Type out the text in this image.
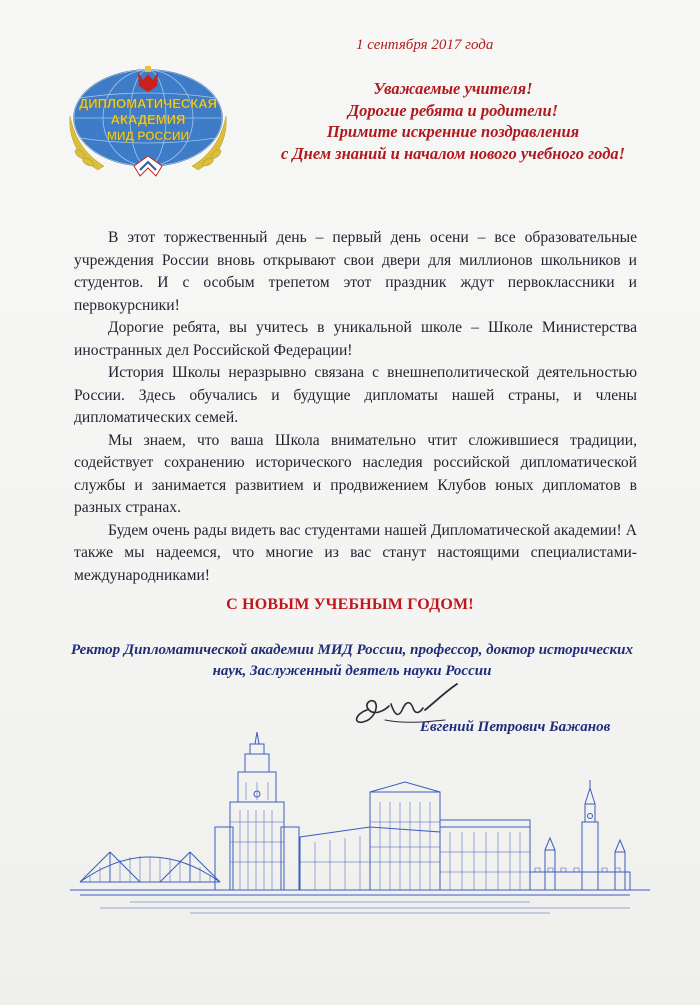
1 сентября 2017 года
ДИПЛОМАТИЧЕСКАЯ
АКАДЕМИЯ
МИД РОССИИ
Уважаемые учителя!
Дорогие ребята и родители!
Примите искренние поздравления
с Днем знаний и началом нового учебного года!

В этот торжественный день – первый день осени – все образовательные учреждения России вновь открывают свои двери для миллионов школьников и студентов. И с особым трепетом этот праздник ждут первоклассники и первокурсники!

Дорогие ребята, вы учитесь в уникальной школе – Школе Министерства иностранных дел Российской Федерации!

История Школы неразрывно связана с внешнеполитической деятельностью России. Здесь обучались и будущие дипломаты нашей страны, и члены дипломатических семей.

Мы знаем, что ваша Школа внимательно чтит сложившиеся традиции, содействует сохранению исторического наследия российской дипломатической службы и занимается развитием и продвижением Клубов юных дипломатов в разных странах.

Будем очень рады видеть вас студентами нашей Дипломатической академии! А также мы надеемся, что многие из вас станут настоящими специалистами-международниками!

С НОВЫМ УЧЕБНЫМ ГОДОМ!
Ректор Дипломатической академии МИД России, профессор, доктор исторических наук, Заслуженный деятель науки России
Евгений Петрович Бажанов
